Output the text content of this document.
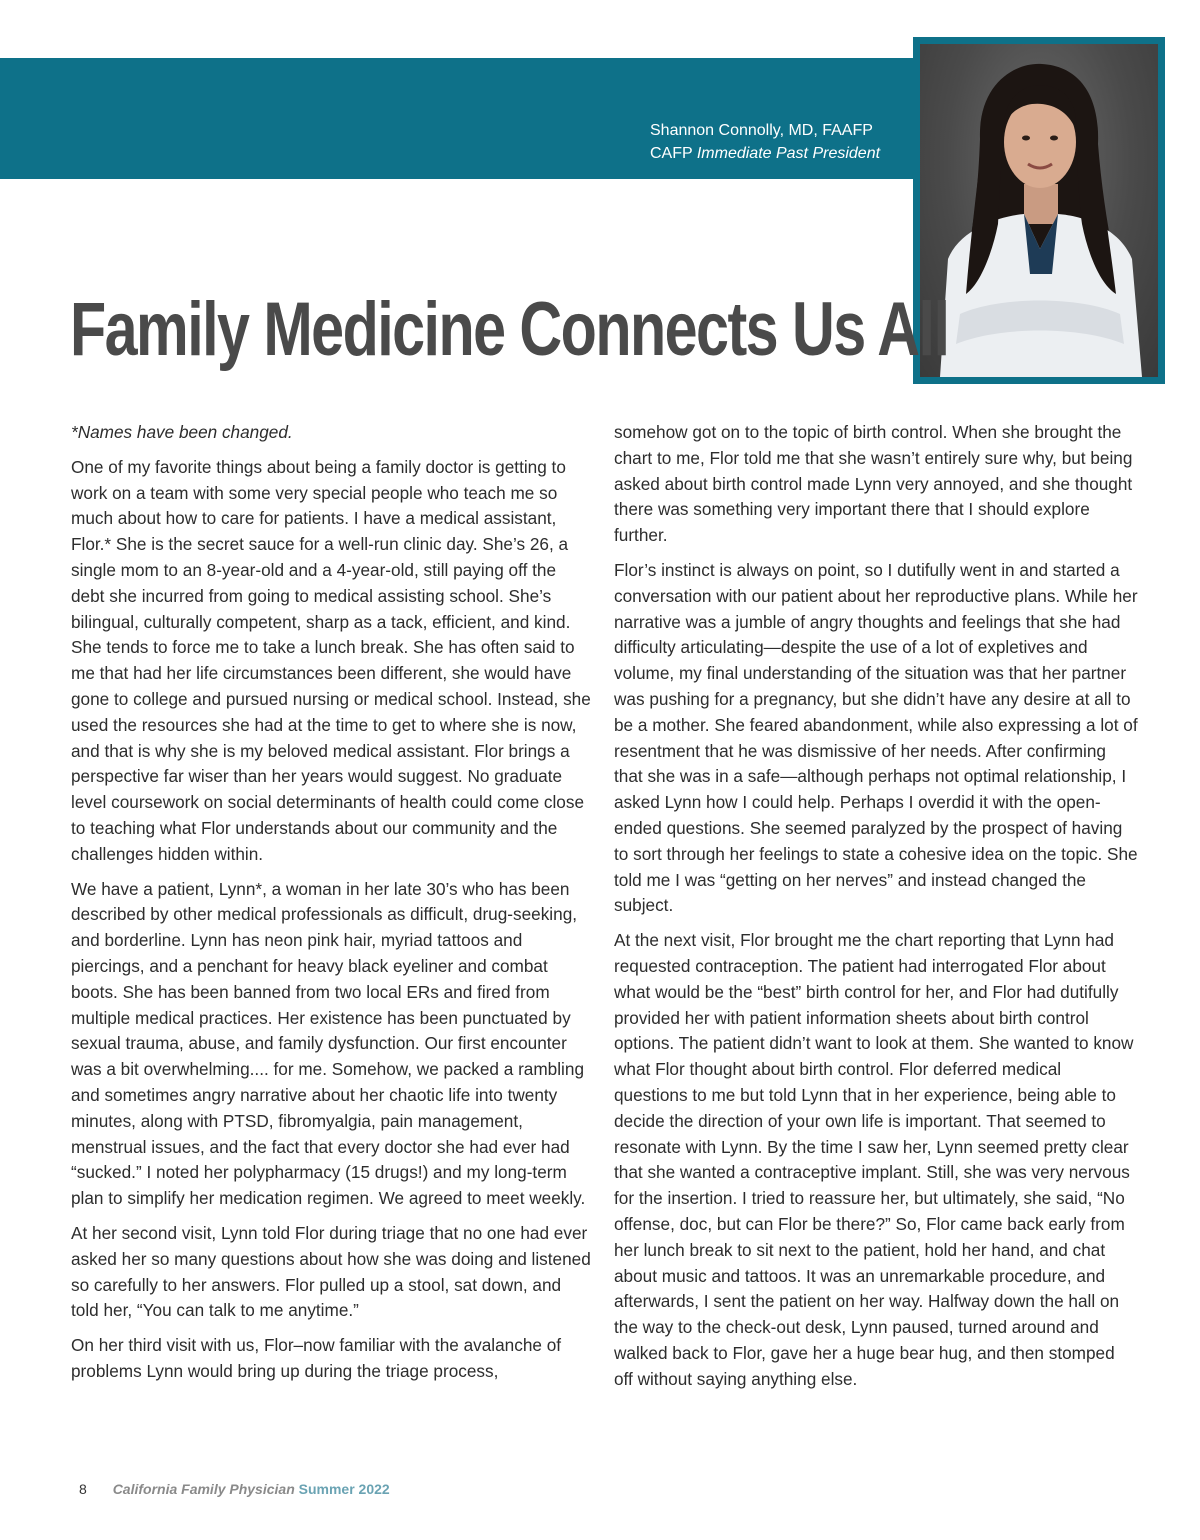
Shannon Connolly, MD, FAAFP
CAFP Immediate Past President
Family Medicine Connects Us All

*Names have been changed.

One of my favorite things about being a family doctor is getting to work on a team with some very special people who teach me so much about how to care for patients. I have a medical assistant, Flor.* She is the secret sauce for a well-run clinic day. She’s 26, a single mom to an 8-year-old and a 4-year-old, still paying off the debt she incurred from going to medical assisting school. She’s bilingual, culturally competent, sharp as a tack, efficient, and kind. She tends to force me to take a lunch break. She has often said to me that had her life circumstances been different, she would have gone to college and pursued nursing or medical school. Instead, she used the resources she had at the time to get to where she is now, and that is why she is my beloved medical assistant. Flor brings a perspective far wiser than her years would suggest. No graduate level coursework on social determinants of health could come close to teaching what Flor understands about our community and the challenges hidden within.

We have a patient, Lynn*, a woman in her late 30’s who has been described by other medical professionals as difficult, drug-seeking, and borderline. Lynn has neon pink hair, myriad tattoos and piercings, and a penchant for heavy black eyeliner and combat boots. She has been banned from two local ERs and fired from multiple medical practices. Her existence has been punctuated by sexual trauma, abuse, and family dysfunction. Our first encounter was a bit overwhelming.... for me. Somehow, we packed a rambling and sometimes angry narrative about her chaotic life into twenty minutes, along with PTSD, fibromyalgia, pain management, menstrual issues, and the fact that every doctor she had ever had “sucked.” I noted her polypharmacy (15 drugs!) and my long-term plan to simplify her medication regimen. We agreed to meet weekly.

At her second visit, Lynn told Flor during triage that no one had ever asked her so many questions about how she was doing and listened so carefully to her answers. Flor pulled up a stool, sat down, and told her, “You can talk to me anytime.”

On her third visit with us, Flor–now familiar with the avalanche of problems Lynn would bring up during the triage process,

somehow got on to the topic of birth control. When she brought the chart to me, Flor told me that she wasn’t entirely sure why, but being asked about birth control made Lynn very annoyed, and she thought there was something very important there that I should explore further.

Flor’s instinct is always on point, so I dutifully went in and started a conversation with our patient about her reproductive plans. While her narrative was a jumble of angry thoughts and feelings that she had difficulty articulating—despite the use of a lot of expletives and volume, my final understanding of the situation was that her partner was pushing for a pregnancy, but she didn’t have any desire at all to be a mother. She feared abandonment, while also expressing a lot of resentment that he was dismissive of her needs. After confirming that she was in a safe—although perhaps not optimal relationship, I asked Lynn how I could help. Perhaps I overdid it with the open-ended questions. She seemed paralyzed by the prospect of having to sort through her feelings to state a cohesive idea on the topic. She told me I was “getting on her nerves” and instead changed the subject.

At the next visit, Flor brought me the chart reporting that Lynn had requested contraception. The patient had interrogated Flor about what would be the “best” birth control for her, and Flor had dutifully provided her with patient information sheets about birth control options. The patient didn’t want to look at them. She wanted to know what Flor thought about birth control. Flor deferred medical questions to me but told Lynn that in her experience, being able to decide the direction of your own life is important. That seemed to resonate with Lynn. By the time I saw her, Lynn seemed pretty clear that she wanted a contraceptive implant. Still, she was very nervous for the insertion. I tried to reassure her, but ultimately, she said, “No offense, doc, but can Flor be there?” So, Flor came back early from her lunch break to sit next to the patient, hold her hand, and chat about music and tattoos. It was an unremarkable procedure, and afterwards, I sent the patient on her way. Halfway down the hall on the way to the check-out desk, Lynn paused, turned around and walked back to Flor, gave her a huge bear hug, and then stomped off without saying anything else.

8 California Family Physician Summer 2022
